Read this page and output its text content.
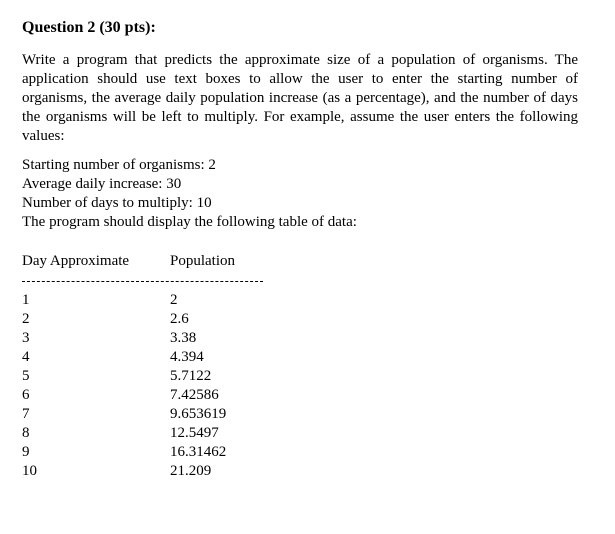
Question 2 (30 pts):

Write a program that predicts the approximate size of a population of organisms. The application should use text boxes to allow the user to enter the starting number of organisms, the average daily population increase (as a percentage), and the number of days the organisms will be left to multiply. For example, assume the user enters the following values:

Starting number of organisms: 2
Average daily increase: 30
Number of days to multiply: 10
The program should display the following table of data:
Day Approximate	Population
1	2
2	2.6
3	3.38
4	4.394
5	5.7122
6	7.42586
7	9.653619
8	12.5497
9	16.31462
10	21.209
